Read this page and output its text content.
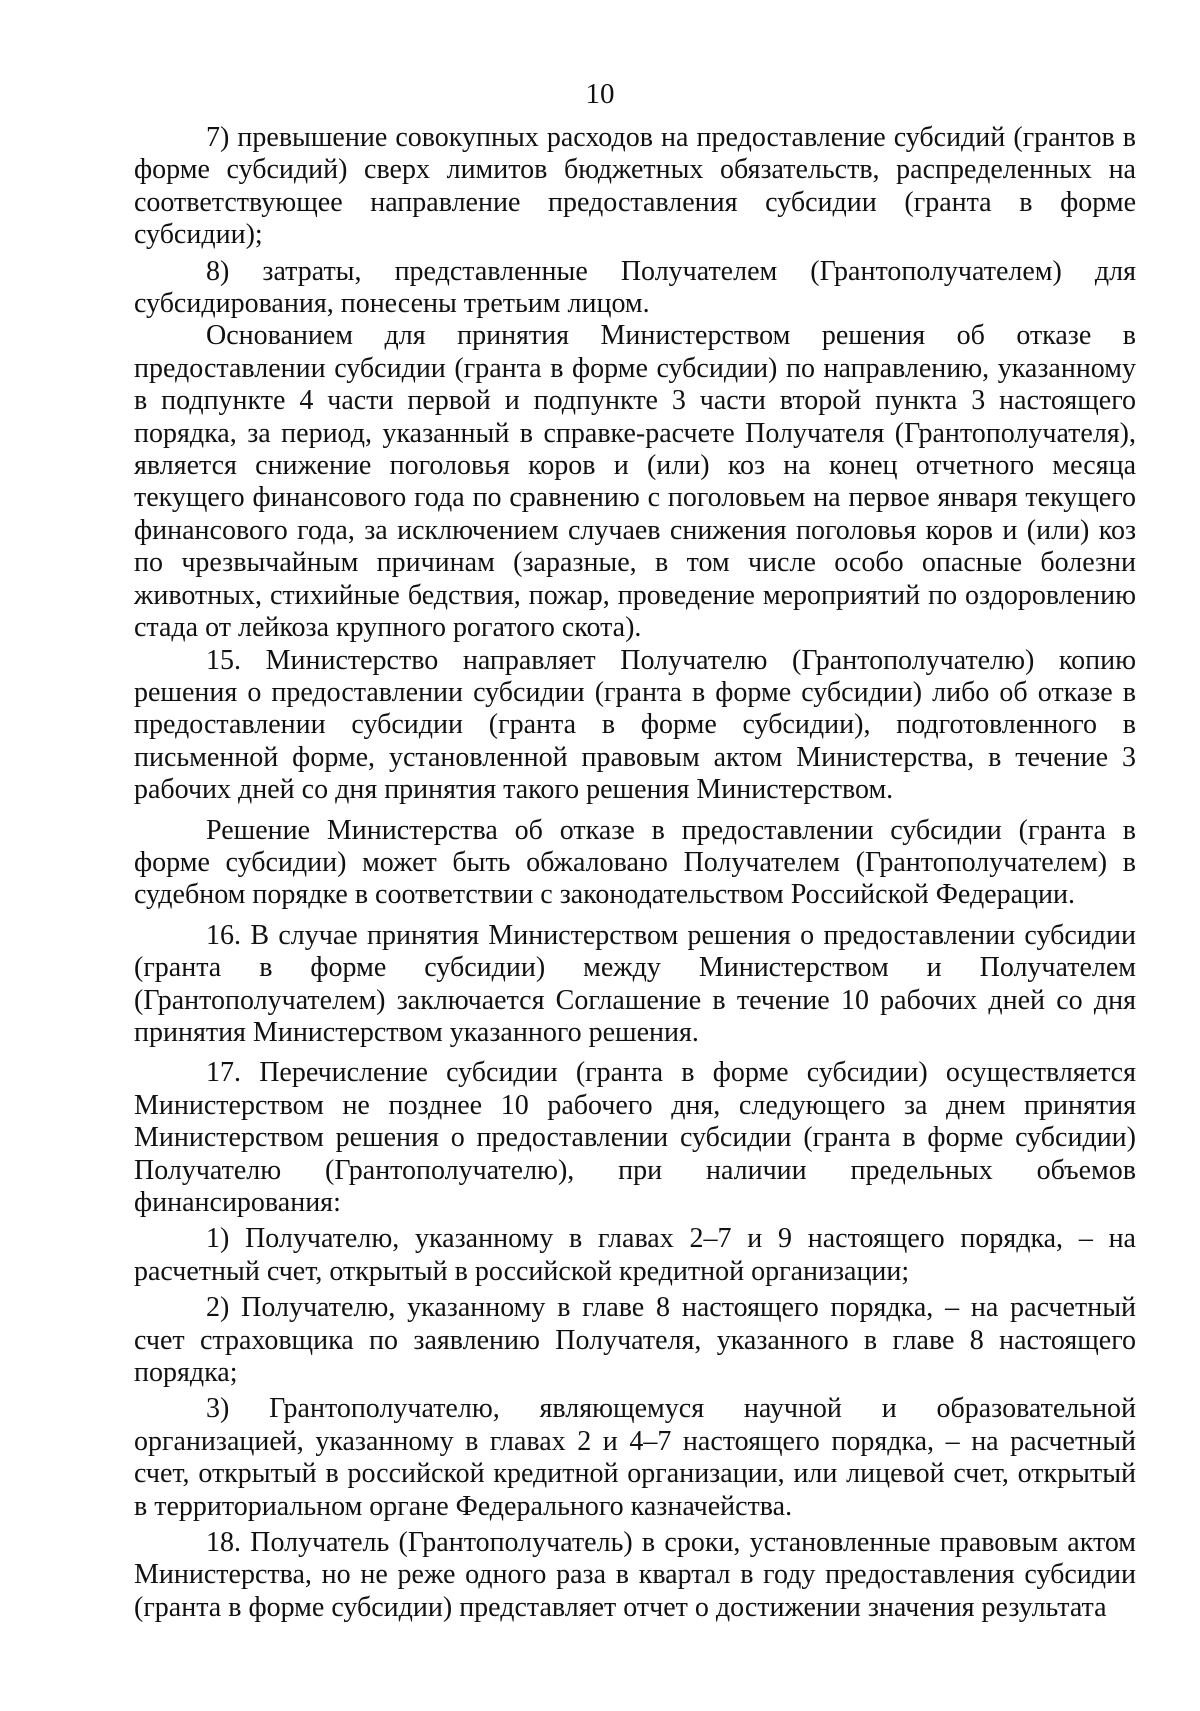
10

7) превышение совокупных расходов на предоставление субсидий (грантов в форме субсидий) сверх лимитов бюджетных обязательств, распределенных на соответствующее направление предоставления субсидии (гранта в форме субсидии);

8) затраты, представленные Получателем (Грантополучателем) для субсидирования, понесены третьим лицом.

Основанием для принятия Министерством решения об отказе в предоставлении субсидии (гранта в форме субсидии) по направлению, указанному в подпункте 4 части первой и подпункте 3 части второй пункта 3 настоящего порядка, за период, указанный в справке-расчете Получателя (Грантополучателя), является снижение поголовья коров и (или) коз на конец отчетного месяца текущего финансового года по сравнению с поголовьем на первое января текущего финансового года, за исключением случаев снижения поголовья коров и (или) коз по чрезвычайным причинам (заразные, в том числе особо опасные болезни животных, стихийные бедствия, пожар, проведение мероприятий по оздоровлению стада от лейкоза крупного рогатого скота).

15. Министерство направляет Получателю (Грантополучателю) копию решения о предоставлении субсидии (гранта в форме субсидии) либо об отказе в предоставлении субсидии (гранта в форме субсидии), подготовленного в письменной форме, установленной правовым актом Министерства, в течение 3 рабочих дней со дня принятия такого решения Министерством.

Решение Министерства об отказе в предоставлении субсидии (гранта в форме субсидии) может быть обжаловано Получателем (Грантополучателем) в судебном порядке в соответствии с законодательством Российской Федерации.

16. В случае принятия Министерством решения о предоставлении субсидии (гранта в форме субсидии) между Министерством и Получателем (Грантополучателем) заключается Соглашение в течение 10 рабочих дней со дня принятия Министерством указанного решения.

17. Перечисление субсидии (гранта в форме субсидии) осуществляется Министерством не позднее 10 рабочего дня, следующего за днем принятия Министерством решения о предоставлении субсидии (гранта в форме субсидии) Получателю (Грантополучателю), при наличии предельных объемов финансирования:

1) Получателю, указанному в главах 2–7 и 9 настоящего порядка, – на расчетный счет, открытый в российской кредитной организации;

2) Получателю, указанному в главе 8 настоящего порядка, – на расчетный счет страховщика по заявлению Получателя, указанного в главе 8 настоящего порядка;

3) Грантополучателю, являющемуся научной и образовательной организацией, указанному в главах 2 и 4–7 настоящего порядка, – на расчетный счет, открытый в российской кредитной организации, или лицевой счет, открытый в территориальном органе Федерального казначейства.

18. Получатель (Грантополучатель) в сроки, установленные правовым актом Министерства, но не реже одного раза в квартал в году предоставления субсидии (гранта в форме субсидии) представляет отчет о достижении значения результата
